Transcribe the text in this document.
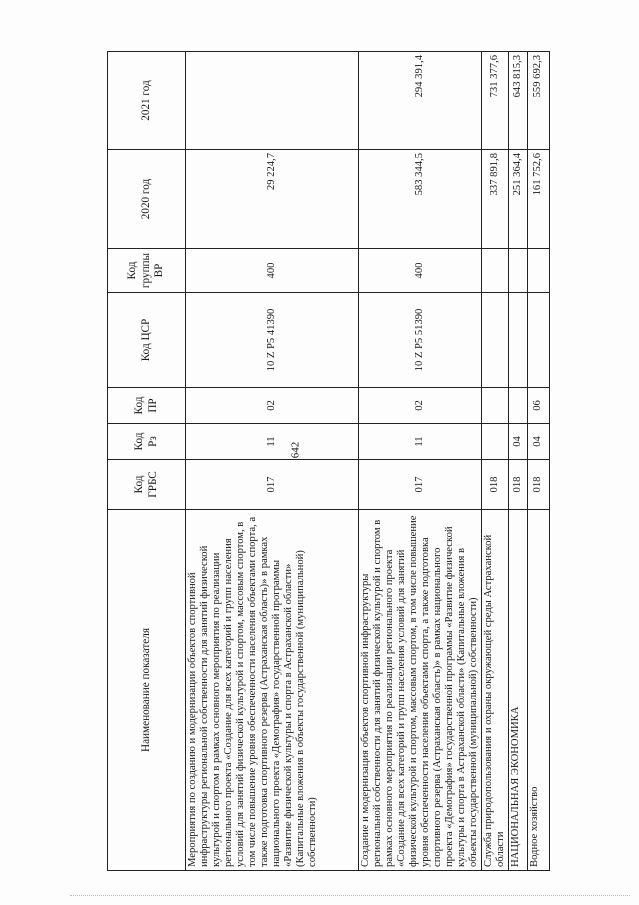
642
Наименование показателя	Код ГРБС	Код Рз	Код ПР	Код ЦСР	Код группы ВР	2020 год	2021 год
Мероприятия по созданию и модернизации объектов спортивной инфраструктуры региональной собственности для занятий физической культурой и спортом в рамках основного мероприятия по реализации регионального проекта «Создание для всех категорий и групп населения условий для занятий физической культурой и спортом, массовым спортом, в том числе повышение уровня обеспеченности населения объектами спорта, а также подготовка спортивного резерва (Астраханская область)» в рамках национального проекта «Демография» государственной программы «Развитие физической культуры и спорта в Астраханской области» (Капитальные вложения в объекты государственной (муниципальной) собственности)	017	11	02	10 Z P5 41390	400	29 224,7	
Создание и модернизация объектов спортивной инфраструктуры региональной собственности для занятий физической культурой и спортом в рамках основного мероприятия по реализации регионального проекта «Создание для всех категорий и групп населения условий для занятий физической культурой и спортом, массовым спортом, в том числе повышение уровня обеспеченности населения объектами спорта, а также подготовка спортивного резерва (Астраханская область)» в рамках национального проекта «Демография» государственной программы «Развитие физической культуры и спорта в Астраханской области» (Капитальные вложения в объекты государственной (муниципальной) собственности)	017	11	02	10 Z P5 51390	400	583 344,5	294 391,4
Служба природопользования и охраны окружающей среды Астраханской области	018					337 891,8	731 377,6
НАЦИОНАЛЬНАЯ ЭКОНОМИКА	018	04				251 364,4	643 815,3
Водное хозяйство	018	04	06			161 752,6	559 692,3
